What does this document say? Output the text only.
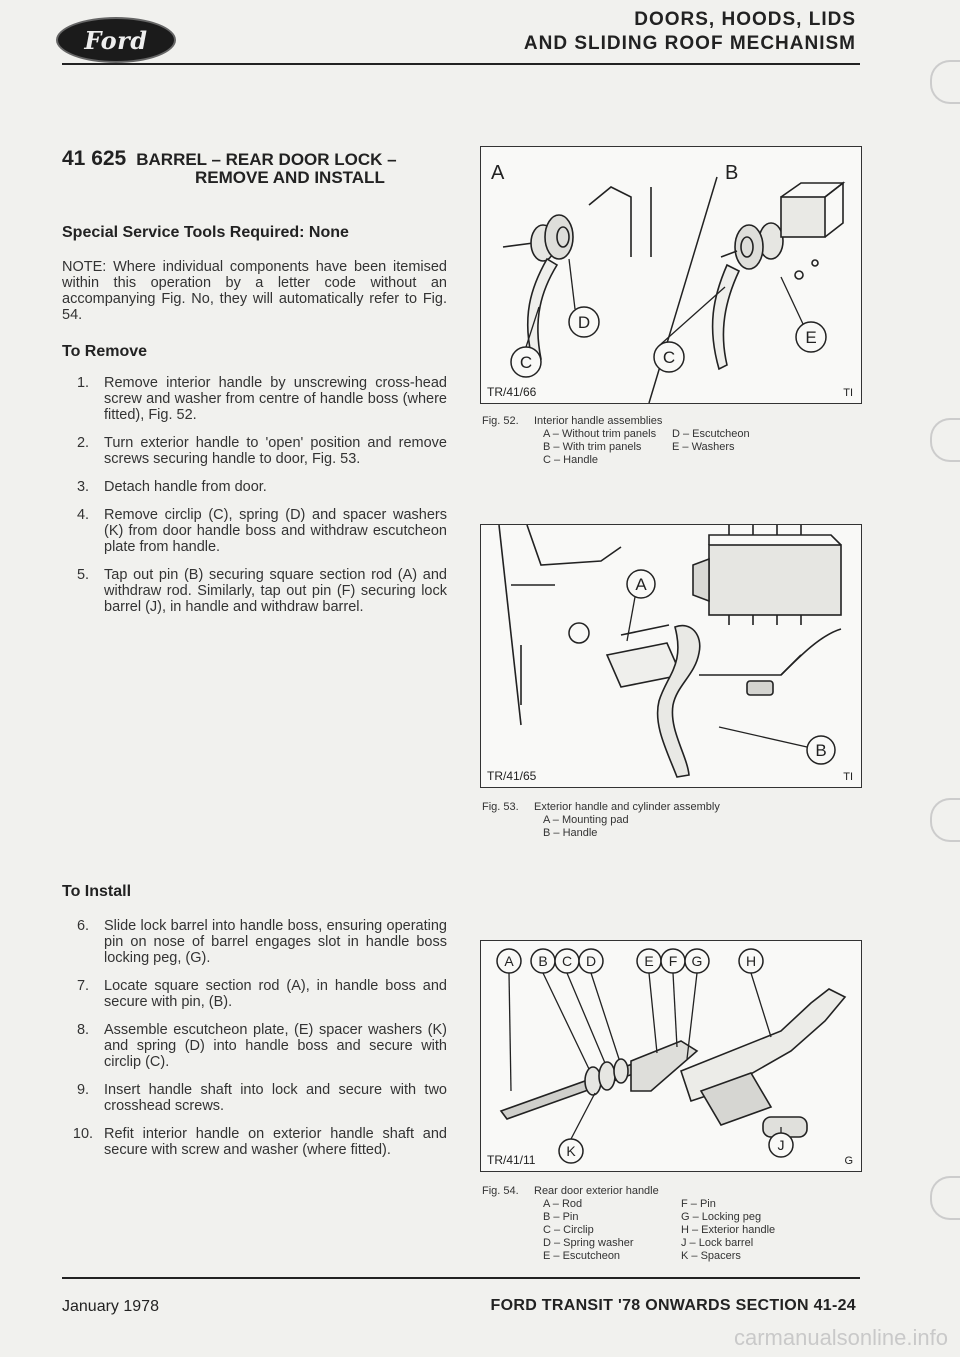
Ford
DOORS, HOODS, LIDS
AND SLIDING ROOF MECHANISM
41 625 BARREL – REAR DOOR LOCK –
REMOVE AND INSTALL
Special Service Tools Required: None
NOTE: Where individual components have been itemised within this operation by a letter code without an accompanying Fig. No, they will automatically refer to Fig. 54.
To Remove
1.	Remove interior handle by unscrewing cross-head screw and washer from centre of handle boss (where fitted), Fig. 52.
2.	Turn exterior handle to 'open' position and remove screws securing handle to door, Fig. 53.
3.	Detach handle from door.
4.	Remove circlip (C), spring (D) and spacer washers (K) from door handle boss and withdraw escutcheon plate from handle.
5.	Tap out pin (B) securing square section rod (A) and withdraw rod. Similarly, tap out pin (F) securing lock barrel (J), in handle and withdraw barrel.
To Install
6.	Slide lock barrel into handle boss, ensuring operating pin on nose of barrel engages slot in handle boss locking peg, (G).
7.	Locate square section rod (A), in handle boss and secure with pin, (B).
8.	Assemble escutcheon plate, (E) spacer washers (K) and spring (D) into handle boss and secure with circlip (C).
9.	Insert handle shaft into lock and secure with two crosshead screws.
10. Refit interior handle on exterior handle shaft and secure with screw and washer (where fitted).
A	B
D
C	C
E
TR/41/66	TI
Fig. 52. Interior handle assemblies
A – Without trim panels D – Escutcheon
B – With trim panels	E – Washers
C – Handle
A
B
TR/41/65	TI
Fig. 53. Exterior handle and cylinder assembly
A – Mounting pad
B – Handle
A B C D	E F G	H
K	J
TR/41/11	G
Fig. 54. Rear door exterior handle
A – Rod	F – Pin
B – Pin	G – Locking peg
C – Circlip	H – Exterior handle
D – Spring washer	J – Lock barrel
E – Escutcheon	K – Spacers
January 1978	FORD TRANSIT '78 ONWARDS SECTION 41-24
carmanualsonline.info
